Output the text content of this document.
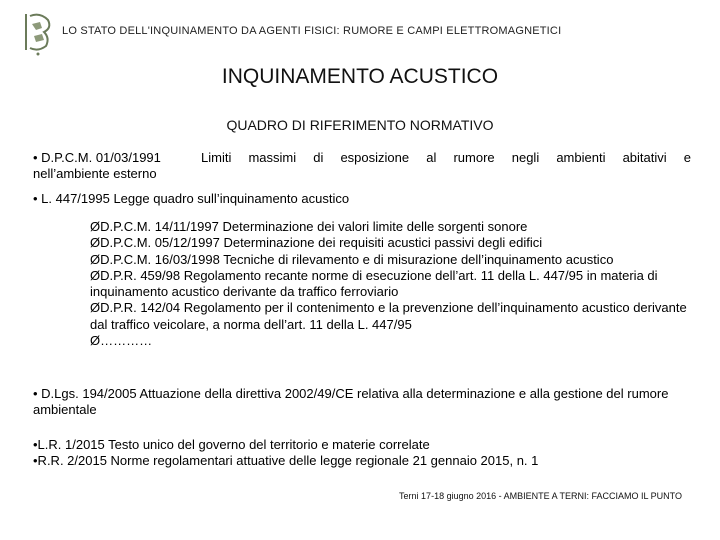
LO STATO DELL'INQUINAMENTO DA AGENTI FISICI: RUMORE E CAMPI ELETTROMAGNETICI
INQUINAMENTO ACUSTICO
QUADRO DI RIFERIMENTO NORMATIVO
• D.P.C.M. 01/03/1991	Limiti massimi di esposizione al rumore negli ambienti abitativi e
nell’ambiente esterno
• L. 447/1995 Legge quadro sull’inquinamento acustico
ØD.P.C.M. 14/11/1997 Determinazione dei valori limite delle sorgenti sonore
ØD.P.C.M. 05/12/1997 Determinazione dei requisiti acustici passivi degli edifici
ØD.P.C.M. 16/03/1998 Tecniche di rilevamento e di misurazione dell’inquinamento acustico
ØD.P.R. 459/98 Regolamento recante norme di esecuzione dell’art. 11 della L. 447/95 in materia di inquinamento acustico derivante da traffico ferroviario
ØD.P.R. 142/04 Regolamento per il contenimento e la prevenzione dell’inquinamento acustico derivante dal traffico veicolare, a norma dell’art. 11 della L. 447/95
Ø…………
• D.Lgs. 194/2005 Attuazione della direttiva 2002/49/CE relativa alla determinazione e alla gestione del rumore ambientale
•L.R. 1/2015 Testo unico del governo del territorio e materie correlate
•R.R. 2/2015 Norme regolamentari attuative delle legge regionale 21 gennaio 2015, n. 1
Terni 17-18 giugno 2016 - AMBIENTE A TERNI: FACCIAMO IL PUNTO
